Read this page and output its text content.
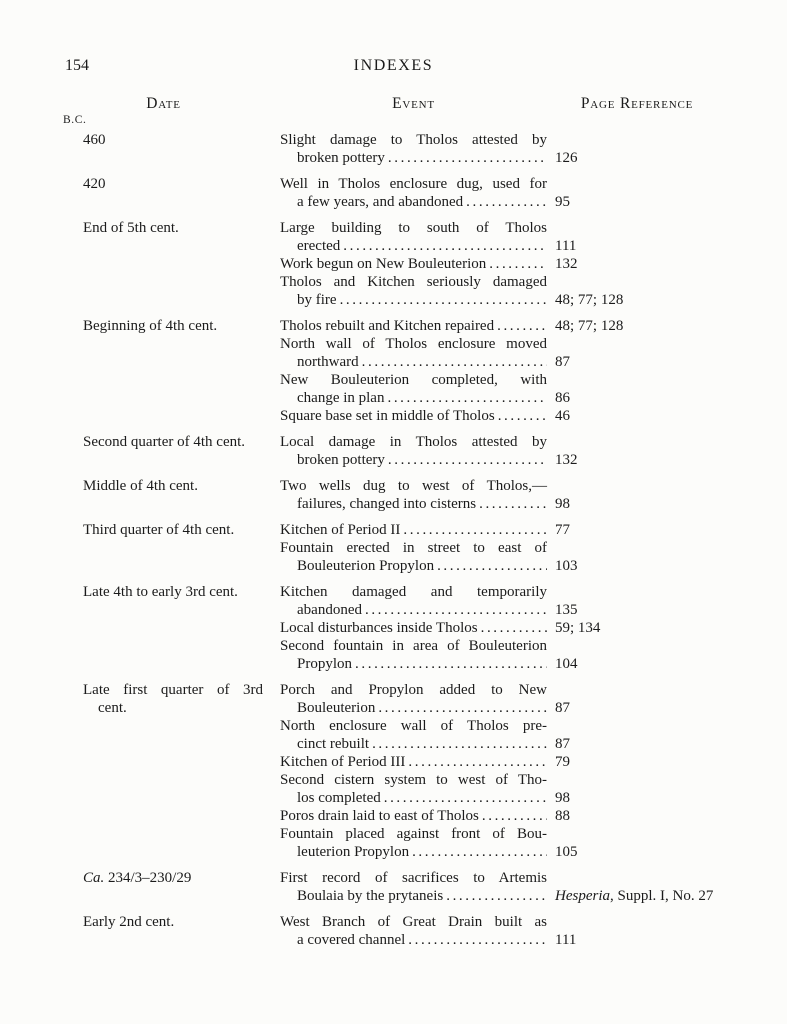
154	INDEXES
Date	Event	Page Reference
B.C.
460	Slight damage to Tholos attested by
broken pottery .....	126
420	Well in Tholos enclosure dug, used for
a few years, and abandoned .....	95
End of 5th cent.	Large building to south of Tholos
erected .....	111
Work begun on New Bouleuterion .....	132
Tholos and Kitchen seriously damaged
by fire .....	48; 77; 128
Beginning of 4th cent.	Tholos rebuilt and Kitchen repaired .....	48; 77; 128
North wall of Tholos enclosure moved
northward .....	87
New Bouleuterion completed, with
change in plan .....	86
Square base set in middle of Tholos .....	46
Second quarter of 4th cent.	Local damage in Tholos attested by
broken pottery .....	132
Middle of 4th cent.	Two wells dug to west of Tholos,—
failures, changed into cisterns .....	98
Third quarter of 4th cent.	Kitchen of Period II .....	77
Fountain erected in street to east of
Bouleuterion Propylon .....	103
Late 4th to early 3rd cent.	Kitchen damaged and temporarily
abandoned .....	135
Local disturbances inside Tholos .....	59; 134
Second fountain in area of Bouleuterion
Propylon .....	104
Late first quarter of 3rd
cent.
Porch and Propylon added to New
Bouleuterion .....	87
North enclosure wall of Tholos pre-
cinct rebuilt .....	87
Kitchen of Period III .....	79
Second cistern system to west of Tho-
los completed .....	98
Poros drain laid to east of Tholos .....	88
Fountain placed against front of Bou-
leuterion Propylon .....	105
Ca. 234/3–230/29	First record of sacrifices to Artemis
Boulaia by the prytaneis .....	Hesperia, Suppl. I, No. 27
Early 2nd cent.	West Branch of Great Drain built as
a covered channel .....	111
